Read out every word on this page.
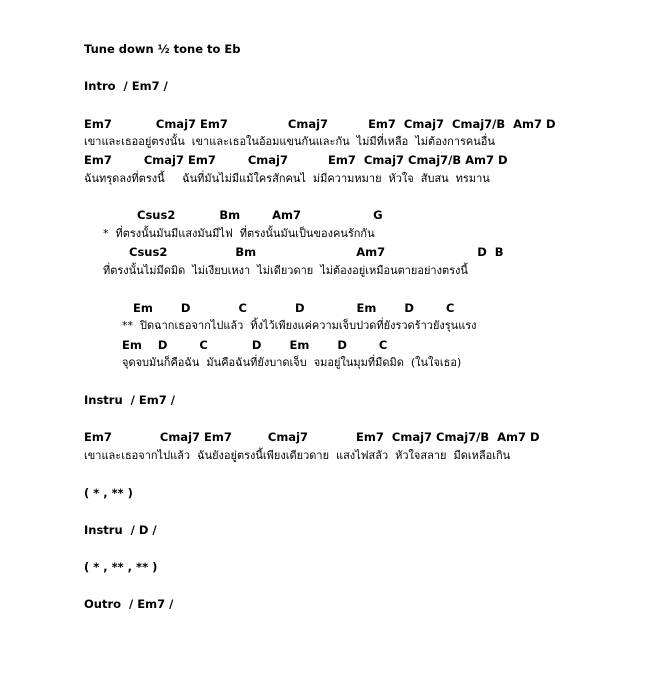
Tune down ½ tone to Eb
Intro  / Em7 /
Em7           Cmaj7 Em7               Cmaj7          Em7  Cmaj7  Cmaj7/B  Am7 D
เขาและเธออยู่ตรงนั้น  เขาและเธอในอ้อมแขนกันและกัน  ไม่มีที่เหลือ  ไม่ต้องการคนอื่น
Em7        Cmaj7 Em7        Cmaj7          Em7  Cmaj7 Cmaj7/B Am7 D
ฉันทรุดลงที่ตรงนี้     ฉันที่มันไม่มีแม้ใครสักคนไ  ม่มีความหมาย  หัวใจ  สับสน  ทรมาน
Csus2           Bm        Am7                  G
*  ที่ตรงนั้นมันมีแสงมันมีไฟ  ที่ตรงนั้นมันเป็นของคนรักกัน
Csus2                 Bm                         Am7                       D  B
ที่ตรงนั้นไม่มีดมิด  ไม่เงียบเหงา  ไม่เดียวดาย  ไม่ต้องอยู่เหมือนตายอย่างตรงนี้
Em       D            C            D             Em       D        C
**  ปิดฉากเธอจากไปแล้ว  ทิ้งไว้เพียงแค่ความเจ็บปวดที่ยังรวดร้าวยังรุนแรง
Em    D        C           D       Em       D        C
จุดจบมันก็คือฉัน  มันคือฉันที่ยังบาดเจ็บ  จมอยู่ในมุมที่มืดมิด  (ในใจเธอ)
Instru  / Em7 /
Em7            Cmaj7 Em7         Cmaj7            Em7  Cmaj7 Cmaj7/B  Am7 D
เขาและเธอจากไปแล้ว  ฉันยังอยู่ตรงนี้เพียงเดียวดาย  แสงไฟสลัว  หัวใจสลาย  มืดเหลือเกิน
( * , ** )
Instru  / D /
( * , ** , ** )
Outro  / Em7 /
